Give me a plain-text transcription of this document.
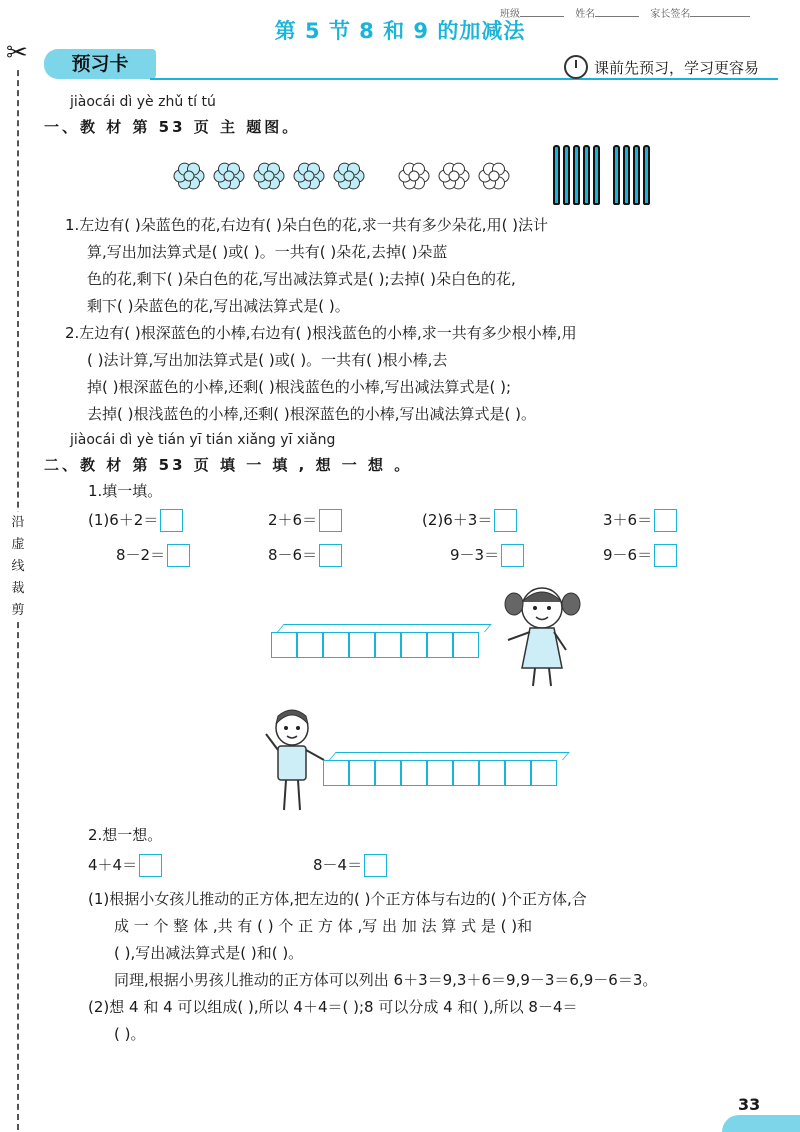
班级	姓名	家长签名
第 5 节 8 和 9 的加减法
✂
沿
虚
线
裁
剪
预习卡	课前先预习，学习更容易
jiàocái dì yè zhǔ tí tú
一、教 材 第 53 页 主 题图。
1.左边有( )朵蓝色的花,右边有( )朵白色的花,求一共有多少朵花,用( )法计
算,写出加法算式是( )或( )。一共有( )朵花,去掉( )朵蓝
色的花,剩下( )朵白色的花,写出减法算式是( );去掉( )朵白色的花,
剩下( )朵蓝色的花,写出减法算式是( )。
2.左边有( )根深蓝色的小棒,右边有( )根浅蓝色的小棒,求一共有多少根小棒,用
( )法计算,写出加法算式是( )或( )。一共有( )根小棒,去
掉( )根深蓝色的小棒,还剩( )根浅蓝色的小棒,写出减法算式是( );
去掉( )根浅蓝色的小棒,还剩( )根深蓝色的小棒,写出减法算式是( )。
jiàocái dì yè tián yī tián xiǎng yī xiǎng
二、教 材 第 53 页 填 一 填 , 想 一 想 。
1.填一填。
(1)6＋2＝	2＋6＝	(2)6＋3＝	3＋6＝
8－2＝	8－6＝	9－3＝	9－6＝
2.想一想。
4＋4＝	8－4＝
(1)根据小女孩儿推动的正方体,把左边的( )个正方体与右边的( )个正方体,合
成 一 个 整 体 ,共 有 ( ) 个 正 方 体 ,写 出 加 法 算 式 是 ( )和
( ),写出减法算式是( )和( )。
同理,根据小男孩儿推动的正方体可以列出 6＋3＝9,3＋6＝9,9－3＝6,9－6＝3。
(2)想 4 和 4 可以组成( ),所以 4＋4＝( );8 可以分成 4 和( ),所以 8－4＝
( )。
33
